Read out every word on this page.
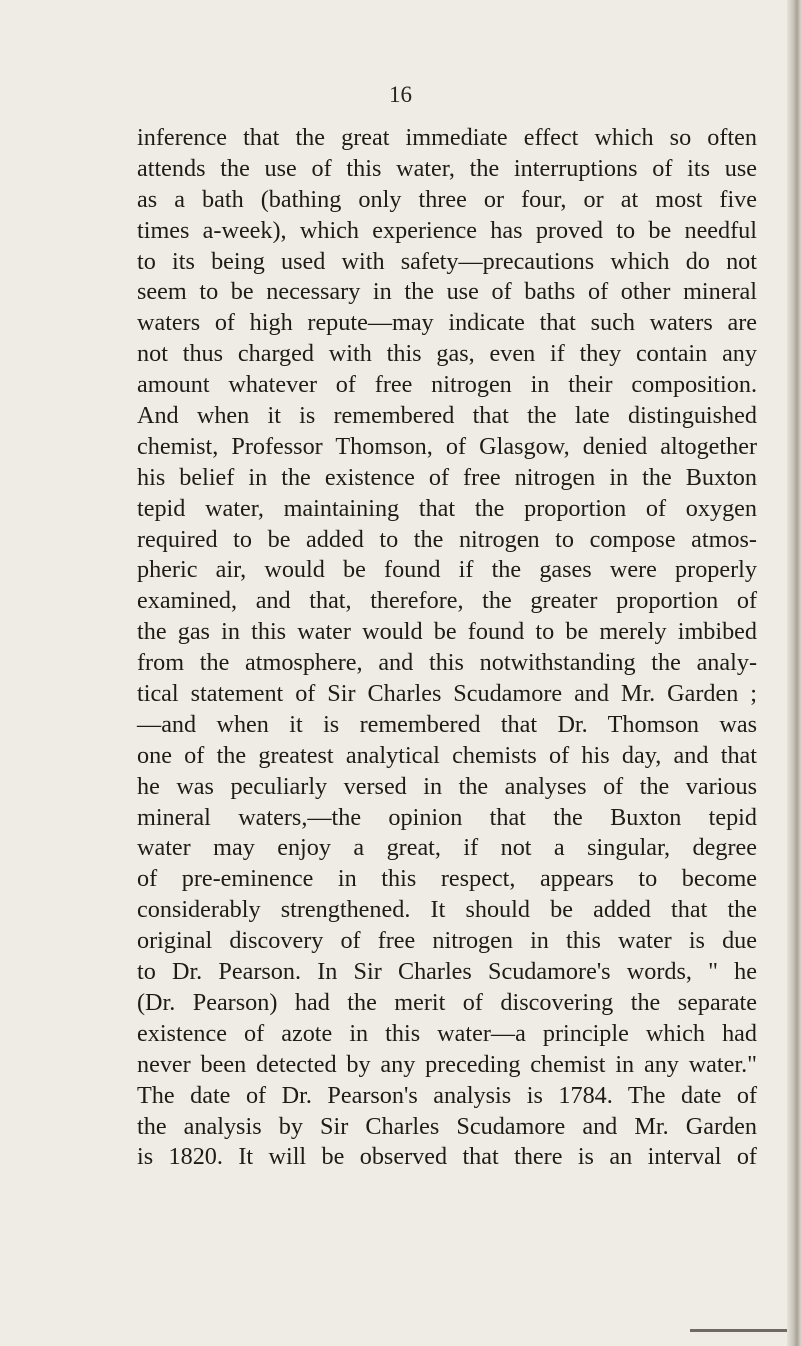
16
inference that the great immediate effect which so often
attends the use of this water, the interruptions of its use
as a bath (bathing only three or four, or at most five
times a-week), which experience has proved to be needful
to its being used with safety—precautions which do not
seem to be necessary in the use of baths of other mineral
waters of high repute—may indicate that such waters are
not thus charged with this gas, even if they contain any
amount whatever of free nitrogen in their composition.
And when it is remembered that the late distinguished
chemist, Professor Thomson, of Glasgow, denied altogether
his belief in the existence of free nitrogen in the Buxton
tepid water, maintaining that the proportion of oxygen
required to be added to the nitrogen to compose atmos-
pheric air, would be found if the gases were properly
examined, and that, therefore, the greater proportion of
the gas in this water would be found to be merely imbibed
from the atmosphere, and this notwithstanding the analy-
tical statement of Sir Charles Scudamore and Mr. Garden ;
—and when it is remembered that Dr. Thomson was
one of the greatest analytical chemists of his day, and that
he was peculiarly versed in the analyses of the various
mineral waters,—the opinion that the Buxton tepid
water may enjoy a great, if not a singular, degree
of pre-eminence in this respect, appears to become
considerably strengthened. It should be added that the
original discovery of free nitrogen in this water is due
to Dr. Pearson. In Sir Charles Scudamore's words, " he
(Dr. Pearson) had the merit of discovering the separate
existence of azote in this water—a principle which had
never been detected by any preceding chemist in any water."
The date of Dr. Pearson's analysis is 1784. The date of
the analysis by Sir Charles Scudamore and Mr. Garden
is 1820. It will be observed that there is an interval of
